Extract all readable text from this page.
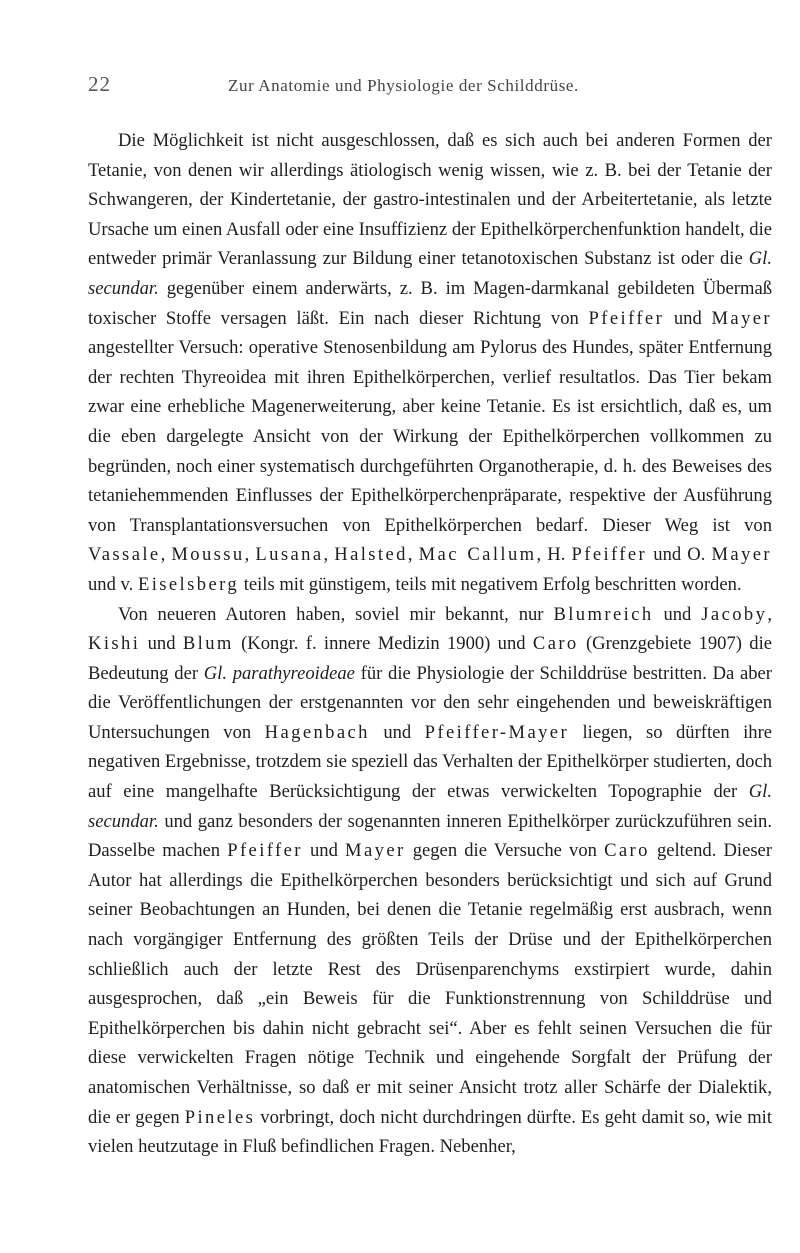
22	Zur Anatomie und Physiologie der Schilddrüse.

Die Möglichkeit ist nicht ausgeschlossen, daß es sich auch bei anderen Formen der Tetanie, von denen wir allerdings ätiologisch wenig wissen, wie z. B. bei der Tetanie der Schwangeren, der Kindertetanie, der gastro-intestinalen und der Arbeitertetanie, als letzte Ursache um einen Ausfall oder eine Insuffizienz der Epithelkörperchenfunktion handelt, die entweder primär Veranlassung zur Bildung einer tetanotoxischen Substanz ist oder die Gl. secundar. gegenüber einem anderwärts, z. B. im Magen-darmkanal gebildeten Übermaß toxischer Stoffe versagen läßt. Ein nach dieser Richtung von Pfeiffer und Mayer angestellter Versuch: operative Stenosenbildung am Pylorus des Hundes, später Entfernung der rechten Thyreoidea mit ihren Epithelkörperchen, verlief resultatlos. Das Tier bekam zwar eine erhebliche Magenerweiterung, aber keine Tetanie. Es ist ersichtlich, daß es, um die eben dargelegte Ansicht von der Wirkung der Epithelkörperchen vollkommen zu begründen, noch einer systematisch durchgeführten Organotherapie, d. h. des Beweises des tetaniehemmenden Einflusses der Epithelkörperchenpräparate, respektive der Ausführung von Transplantationsversuchen von Epithelkörperchen bedarf. Dieser Weg ist von Vassale, Moussu, Lusana, Halsted, Mac Callum, H. Pfeiffer und O. Mayer und v. Eiselsberg teils mit günstigem, teils mit negativem Erfolg beschritten worden.

Von neueren Autoren haben, soviel mir bekannt, nur Blumreich und Jacoby, Kishi und Blum (Kongr. f. innere Medizin 1900) und Caro (Grenzgebiete 1907) die Bedeutung der Gl. parathyreoideae für die Physiologie der Schilddrüse bestritten. Da aber die Veröffentlichungen der erstgenannten vor den sehr eingehenden und beweiskräftigen Untersuchungen von Hagenbach und Pfeiffer-Mayer liegen, so dürften ihre negativen Ergebnisse, trotzdem sie speziell das Verhalten der Epithelkörper studierten, doch auf eine mangelhafte Berücksichtigung der etwas verwickelten Topographie der Gl. secundar. und ganz besonders der sogenannten inneren Epithelkörper zurückzuführen sein. Dasselbe machen Pfeiffer und Mayer gegen die Versuche von Caro geltend. Dieser Autor hat allerdings die Epithelkörperchen besonders berücksichtigt und sich auf Grund seiner Beobachtungen an Hunden, bei denen die Tetanie regelmäßig erst ausbrach, wenn nach vorgängiger Entfernung des größten Teils der Drüse und der Epithelkörperchen schließlich auch der letzte Rest des Drüsenparenchyms exstirpiert wurde, dahin ausgesprochen, daß „ein Beweis für die Funktionstrennung von Schilddrüse und Epithelkörperchen bis dahin nicht gebracht sei“. Aber es fehlt seinen Versuchen die für diese verwickelten Fragen nötige Technik und eingehende Sorgfalt der Prüfung der anatomischen Verhältnisse, so daß er mit seiner Ansicht trotz aller Schärfe der Dialektik, die er gegen Pineles vorbringt, doch nicht durchdringen dürfte. Es geht damit so, wie mit vielen heutzutage in Fluß befindlichen Fragen. Nebenher,
